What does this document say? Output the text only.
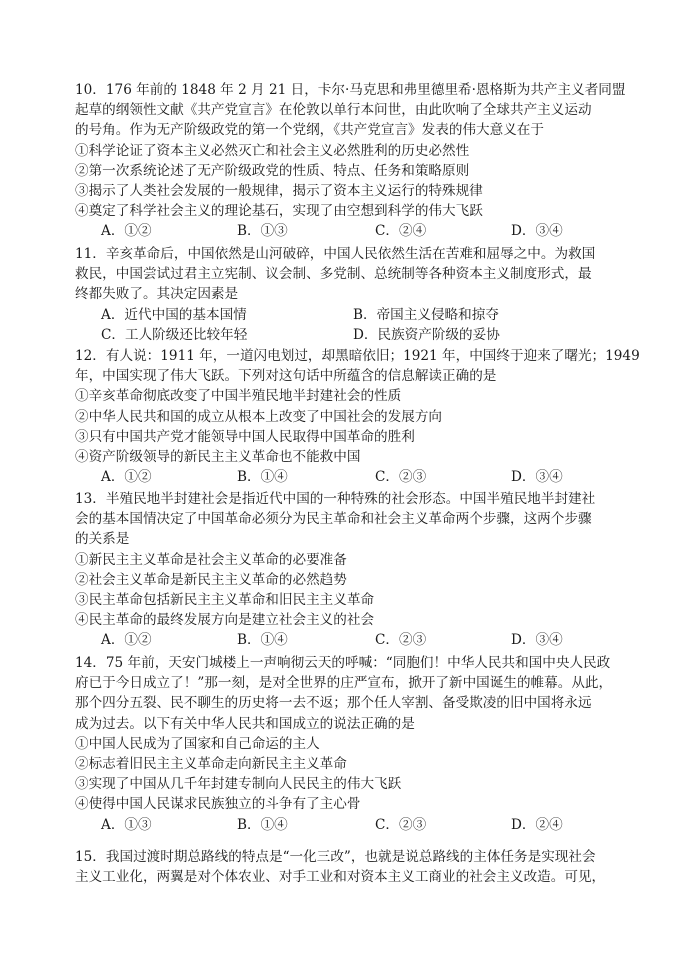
10．176 年前的 1848 年 2 月 21 日，卡尔·马克思和弗里德里希·恩格斯为共产主义者同盟
起草的纲领性文献《共产党宣言》在伦敦以单行本问世，由此吹响了全球共产主义运动
的号角。作为无产阶级政党的第一个党纲，《共产党宣言》发表的伟大意义在于
①科学论证了资本主义必然灭亡和社会主义必然胜利的历史必然性
②第一次系统论述了无产阶级政党的性质、特点、任务和策略原则
③揭示了人类社会发展的一般规律，揭示了资本主义运行的特殊规律
④奠定了科学社会主义的理论基石，实现了由空想到科学的伟大飞跃
A．①②	B．①③	C．②④	D．③④
11．辛亥革命后，中国依然是山河破碎，中国人民依然生活在苦难和屈辱之中。为救国
救民，中国尝试过君主立宪制、议会制、多党制、总统制等各种资本主义制度形式，最
终都失败了。其决定因素是
A．近代中国的基本国情	B．帝国主义侵略和掠夺
C．工人阶级还比较年轻	D．民族资产阶级的妥协
12．有人说：1911 年，一道闪电划过，却黑暗依旧；1921 年，中国终于迎来了曙光；1949
年，中国实现了伟大飞跃。下列对这句话中所蕴含的信息解读正确的是
①辛亥革命彻底改变了中国半殖民地半封建社会的性质
②中华人民共和国的成立从根本上改变了中国社会的发展方向
③只有中国共产党才能领导中国人民取得中国革命的胜利
④资产阶级领导的新民主主义革命也不能救中国
A．①②	B．①④	C．②③	D．③④
13．半殖民地半封建社会是指近代中国的一种特殊的社会形态。中国半殖民地半封建社
会的基本国情决定了中国革命必须分为民主革命和社会主义革命两个步骤，这两个步骤
的关系是
①新民主主义革命是社会主义革命的必要准备
②社会主义革命是新民主主义革命的必然趋势
③民主革命包括新民主主义革命和旧民主主义革命
④民主革命的最终发展方向是建立社会主义的社会
A．①②	B．①④	C．②③	D．③④
14．75 年前，天安门城楼上一声响彻云天的呼喊：“同胞们！中华人民共和国中央人民政
府已于今日成立了！”那一刻，是对全世界的庄严宣布，掀开了新中国诞生的帷幕。从此，
那个四分五裂、民不聊生的历史将一去不返；那个任人宰割、备受欺凌的旧中国将永远
成为过去。以下有关中华人民共和国成立的说法正确的是
①中国人民成为了国家和自己命运的主人
②标志着旧民主主义革命走向新民主主义革命
③实现了中国从几千年封建专制向人民民主的伟大飞跃
④使得中国人民谋求民族独立的斗争有了主心骨
A．①③	B．①④	C．②③	D．②④
15．我国过渡时期总路线的特点是“一化三改”，也就是说总路线的主体任务是实现社会
主义工业化，两翼是对个体农业、对手工业和对资本主义工商业的社会主义改造。可见，
